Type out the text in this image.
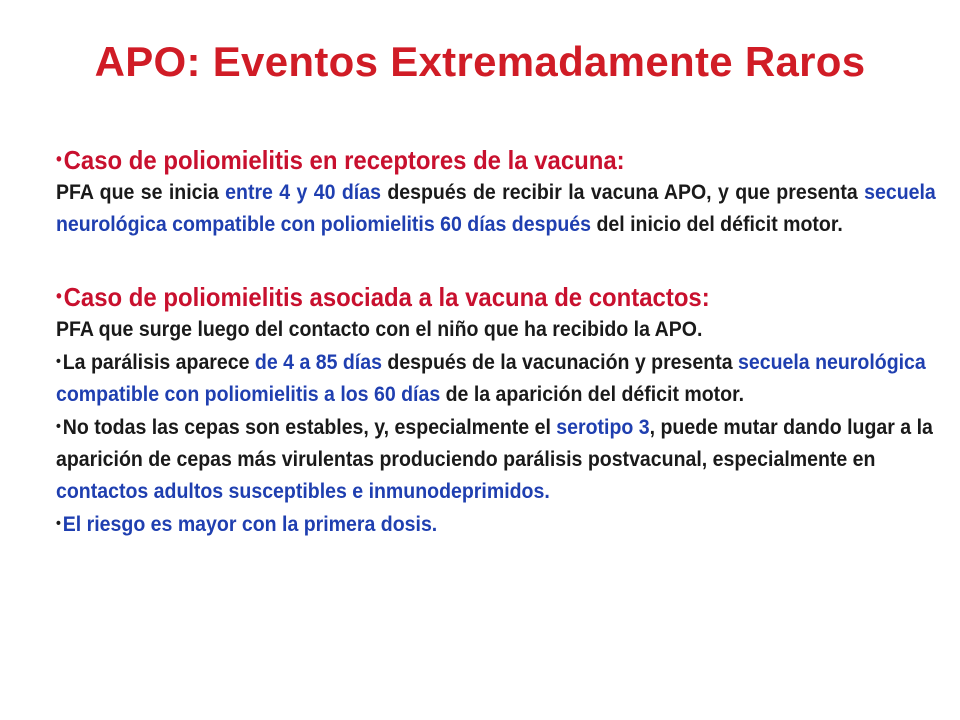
APO: Eventos Extremadamente Raros

•Caso de poliomielitis en receptores de la vacuna:

PFA que se inicia entre 4 y 40 días después de recibir la vacuna APO, y que presenta secuela neurológica compatible con poliomielitis 60 días después del inicio del déficit motor.

•Caso de poliomielitis asociada a la vacuna de contactos:

PFA que surge luego del contacto con el niño que ha recibido la APO.

•La parálisis aparece de 4 a 85 días después de la vacunación y presenta secuela neurológica compatible con poliomielitis a los 60 días de la aparición del déficit motor.

•No todas las cepas son estables, y, especialmente el serotipo 3, puede mutar dando lugar a la aparición de cepas más virulentas produciendo parálisis postvacunal, especialmente en contactos adultos susceptibles e inmunodeprimidos.

•El riesgo es mayor con la primera dosis.
